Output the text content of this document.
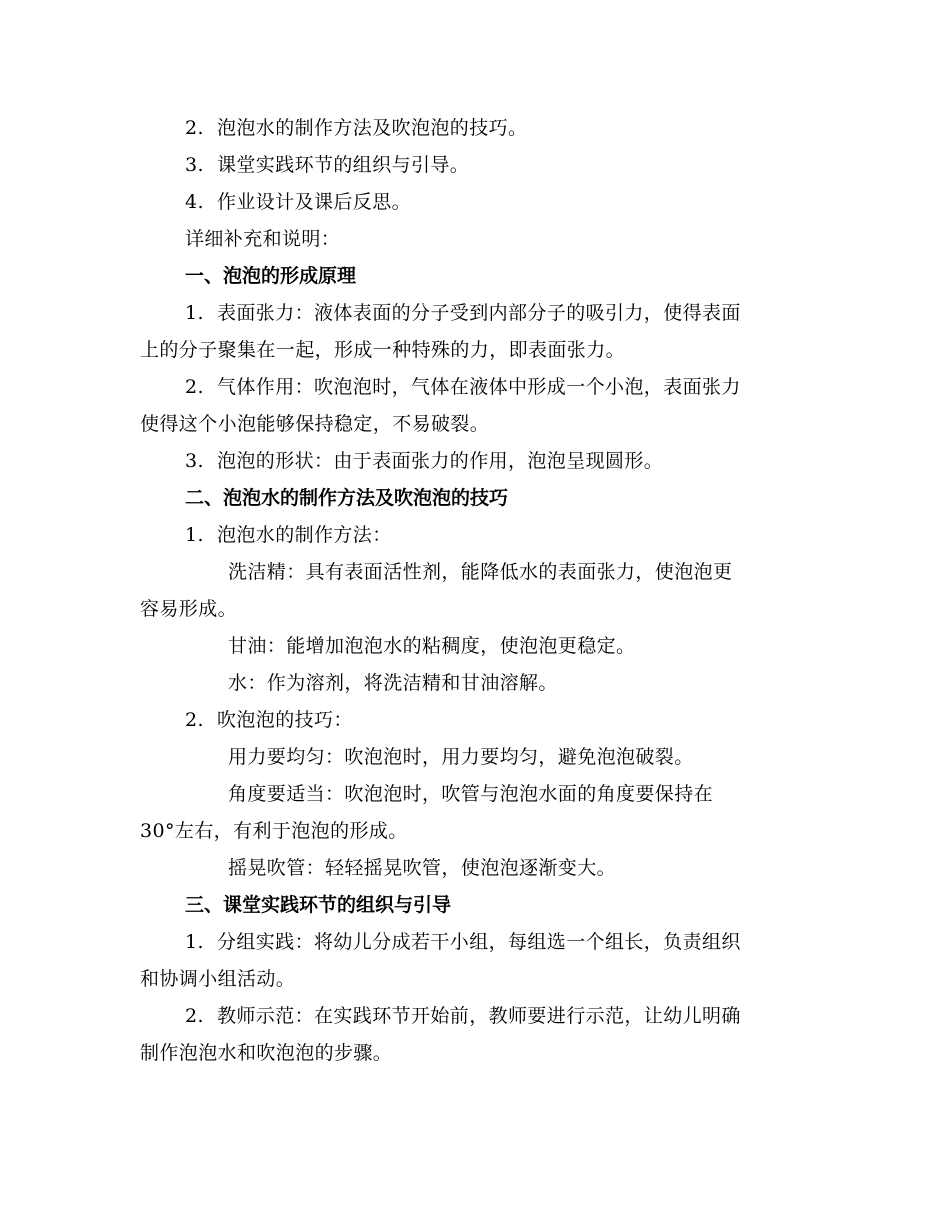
2. 泡泡水的制作方法及吹泡泡的技巧。
3. 课堂实践环节的组织与引导。
4. 作业设计及课后反思。
详细补充和说明：
一、泡泡的形成原理
1. 表面张力：液体表面的分子受到内部分子的吸引力，使得表面
上的分子聚集在一起，形成一种特殊的力，即表面张力。
2. 气体作用：吹泡泡时，气体在液体中形成一个小泡，表面张力
使得这个小泡能够保持稳定，不易破裂。
3. 泡泡的形状：由于表面张力的作用，泡泡呈现圆形。
二、泡泡水的制作方法及吹泡泡的技巧
1. 泡泡水的制作方法：
洗洁精：具有表面活性剂，能降低水的表面张力，使泡泡更
容易形成。
甘油：能增加泡泡水的粘稠度，使泡泡更稳定。
水：作为溶剂，将洗洁精和甘油溶解。
2. 吹泡泡的技巧：
用力要均匀：吹泡泡时，用力要均匀，避免泡泡破裂。
角度要适当：吹泡泡时，吹管与泡泡水面的角度要保持在
30°左右，有利于泡泡的形成。
摇晃吹管：轻轻摇晃吹管，使泡泡逐渐变大。
三、课堂实践环节的组织与引导
1. 分组实践：将幼儿分成若干小组，每组选一个组长，负责组织
和协调小组活动。
2. 教师示范：在实践环节开始前，教师要进行示范，让幼儿明确
制作泡泡水和吹泡泡的步骤。
